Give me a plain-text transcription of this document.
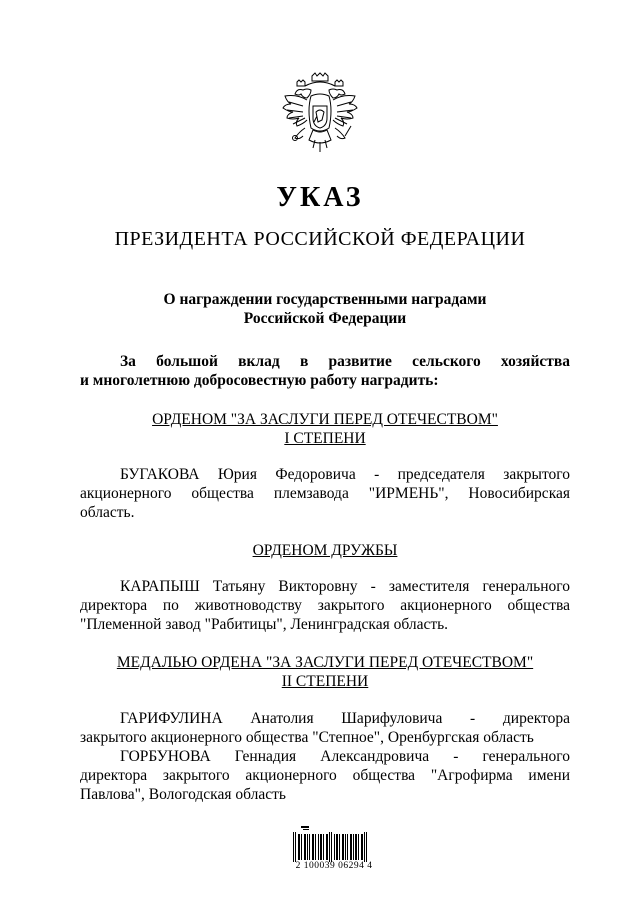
УКАЗ
ПРЕЗИДЕНТА РОССИЙСКОЙ ФЕДЕРАЦИИ
О награждении государственными наградами
Российской Федерации
За большой вклад в развитие сельского хозяйства
и многолетнюю добросовестную работу наградить:
ОРДЕНОМ "ЗА ЗАСЛУГИ ПЕРЕД ОТЕЧЕСТВОМ"
I СТЕПЕНИ
БУГАКОВА Юрия Федоровича - председателя закрытого
акционерного общества племзавода "ИРМЕНЬ", Новосибирская
область.
ОРДЕНОМ ДРУЖБЫ
КАРАПЫШ Татьяну Викторовну - заместителя генерального
директора по животноводству закрытого акционерного общества
"Племенной завод "Рабитицы", Ленинградская область.
МЕДАЛЬЮ ОРДЕНА "ЗА ЗАСЛУГИ ПЕРЕД ОТЕЧЕСТВОМ"
II СТЕПЕНИ
ГАРИФУЛИНА Анатолия Шарифуловича - директора
закрытого акционерного общества "Степное", Оренбургская область
ГОРБУНОВА Геннадия Александровича - генерального
директора закрытого акционерного общества "Агрофирма имени
Павлова", Вологодская область
2 100039 06294 4
